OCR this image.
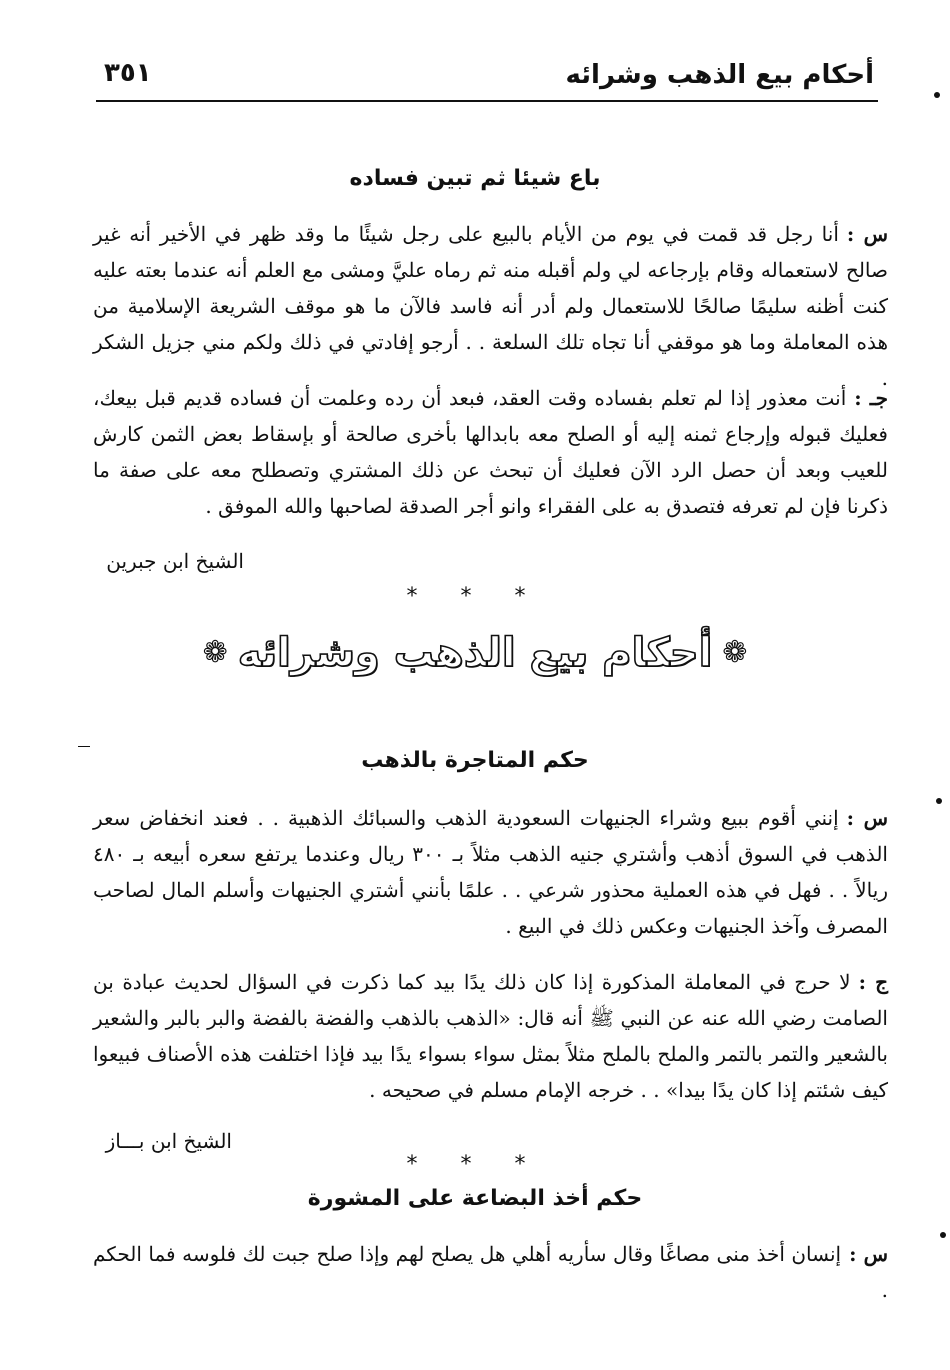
أحكام بيع الذهب وشرائه
٣٥١
باع شيئا ثم تبين فساده
س :أنا رجل قد قمت في يوم من الأيام بالبيع على رجل شيئًا ما وقد ظهر في الأخير أنه غير صالح لاستعماله وقام بإرجاعه لي ولم أقبله منه ثم رماه عليَّ ومشى مع العلم أنه عندما بعته عليه كنت أظنه سليمًا صالحًا للاستعمال ولم أدر أنه فاسد فالآن ما هو موقف الشريعة الإسلامية من هذه المعاملة وما هو موقفي أنا تجاه تلك السلعة . . أرجو إفادتي في ذلك ولكم مني جزيل الشكر .
جـ :أنت معذور إذا لم تعلم بفساده وقت العقد، فبعد أن رده وعلمت أن فساده قديم قبل بيعك، فعليك قبوله وإرجاع ثمنه إليه أو الصلح معه بابدالها بأخرى صالحة أو بإسقاط بعض الثمن كارش للعيب وبعد أن حصل الرد الآن فعليك أن تبحث عن ذلك المشتري وتصطلح معه على صفة ما ذكرنا فإن لم تعرفه فتصدق به على الفقراء وانو أجر الصدقة لصاحبها والله الموفق .
الشيخ ابن جبرين
* * *
❁أحكام بيع الذهب وشرائه❁
حكم المتاجرة بالذهب
س :إنني أقوم ببيع وشراء الجنيهات السعودية الذهب والسبائك الذهبية . . فعند انخفاض سعر الذهب في السوق أذهب وأشتري جنيه الذهب مثلاً بـ ٣٠٠ ريال وعندما يرتفع سعره أبيعه بـ ٤٨٠ ريالاً . . فهل في هذه العملية محذور شرعي . . علمًا بأنني أشتري الجنيهات وأسلم المال لصاحب المصرف وآخذ الجنيهات وعكس ذلك في البيع .
ج :لا حرج في المعاملة المذكورة إذا كان ذلك يدًا بيد كما ذكرت في السؤال لحديث عبادة بن الصامت رضي الله عنه عن النبي ﷺ أنه قال: «الذهب بالذهب والفضة بالفضة والبر بالبر والشعير بالشعير والتمر بالتمر والملح بالملح مثلاً بمثل سواء بسواء يدًا بيد فإذا اختلفت هذه الأصناف فبيعوا كيف شئتم إذا كان يدًا بيدا» . . خرجه الإمام مسلم في صحيحه .
الشيخ ابن بـــاز
* * *
حكم أخذ البضاعة على المشورة
س :إنسان أخذ منى مصاغًا وقال سأريه أهلي هل يصلح لهم وإذا صلح جبت لك فلوسه فما الحكم .
